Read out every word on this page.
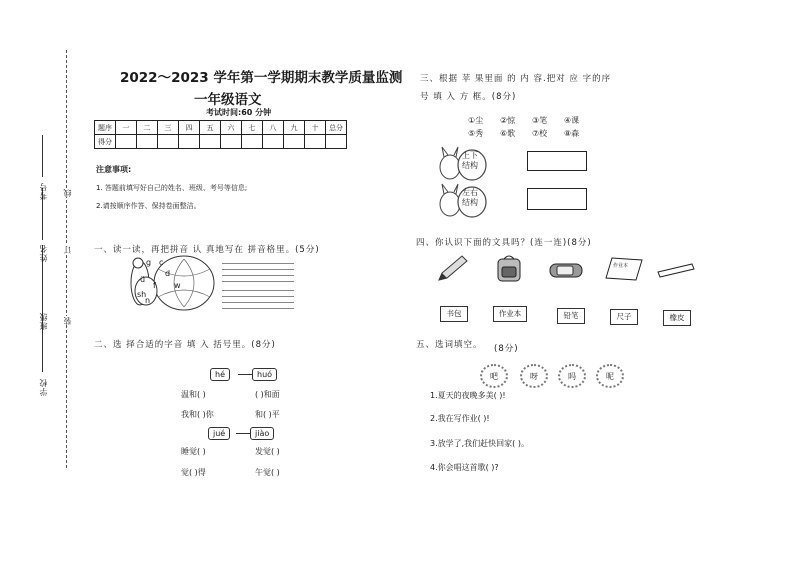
学校
班级
姓名
考号
装
订
线
2022～2023 学年第一学期期末教学质量监测
一年级语文
考试时间:60 分钟
题序	一	二	三	四	五	六	七	八	九	十	总分
得分											
注意事项:
1. 答题前填写好自己的姓名、班级、考号等信息;
2.请按顺序作答、保持卷面整洁。
一、读一读，再把拼音 认 真地写在 拼音格里。(5分)
g c
d
ü
w
f
sh
n
二、选 择合适的字音 填 入 括号里。(8分)
hé	huó
温和( )	( )和面
我和( )你	和( )平
jué	jiào
睡觉( )	发觉( )
觉( )得	午觉( )
三、根据 苹 果里面 的 内 容.把对 应 字的序
号 填 入 方 框。(8分)
①尘 ②惊 ③笔 ④课
⑤秀 ⑥歌 ⑦校 ⑧森
上下
结构
左右
结构
四、你认识下面的文具吗？(连一连)(8分)
作业本
书包	作业本	铅笔	尺子	橡皮
五、选词填空。 (8分)
吧	呀	吗	呢
1.夏天的夜晚多美( )!
2.我在写作业( )!
3.放学了,我们赶快回家( )。
4.你会唱这首歌( )?
